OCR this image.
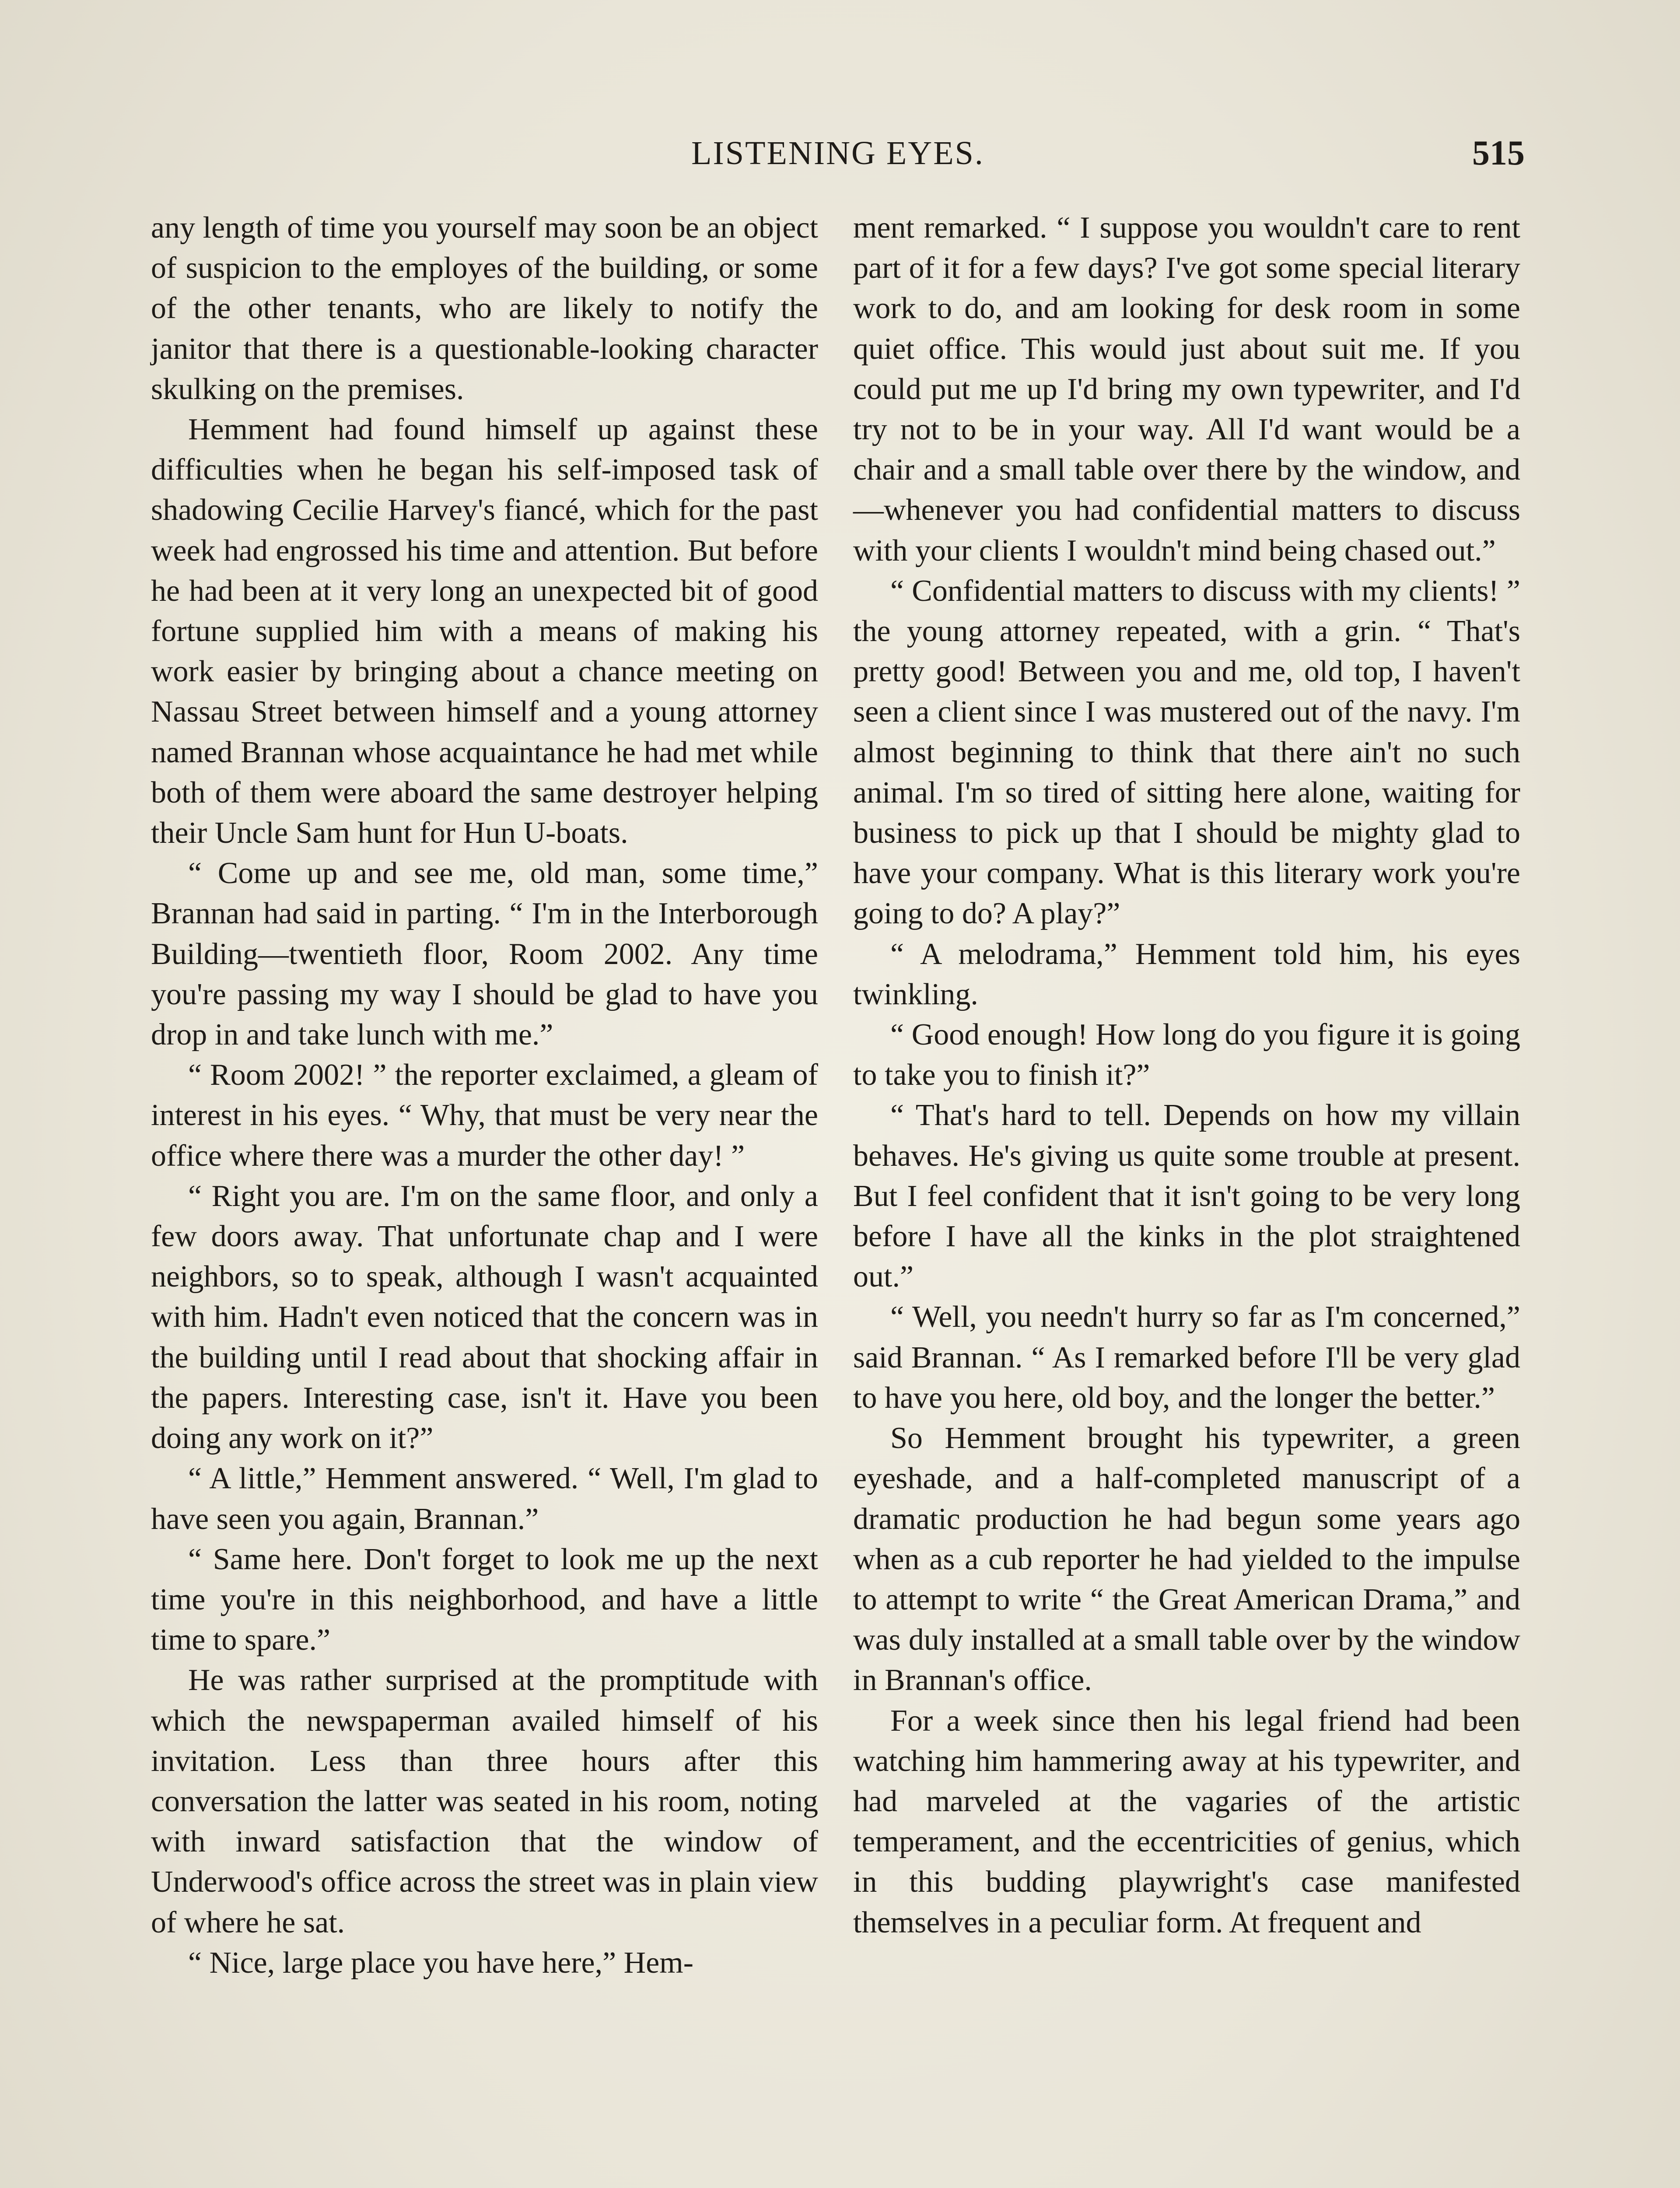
LISTENING EYES.	515

any length of time you yourself may soon be an object of suspicion to the employes of the building, or some of the other tenants, who are likely to notify the janitor that there is a questionable-looking character skulking on the premises.

Hemment had found himself up against these difficulties when he began his self-imposed task of shadowing Cecilie Harvey's fiancé, which for the past week had engrossed his time and attention. But before he had been at it very long an unexpected bit of good fortune supplied him with a means of making his work easier by bringing about a chance meeting on Nassau Street between himself and a young attorney named Brannan whose acquaintance he had met while both of them were aboard the same destroyer helping their Uncle Sam hunt for Hun U-boats.

“ Come up and see me, old man, some time,” Brannan had said in parting. “ I'm in the Interborough Building—twentieth floor, Room 2002. Any time you're passing my way I should be glad to have you drop in and take lunch with me.”

“ Room 2002! ” the reporter exclaimed, a gleam of interest in his eyes. “ Why, that must be very near the office where there was a murder the other day! ”

“ Right you are. I'm on the same floor, and only a few doors away. That unfortunate chap and I were neighbors, so to speak, although I wasn't acquainted with him. Hadn't even noticed that the concern was in the building until I read about that shocking affair in the papers. Interesting case, isn't it. Have you been doing any work on it?”

“ A little,” Hemment answered. “ Well, I'm glad to have seen you again, Brannan.”

“ Same here. Don't forget to look me up the next time you're in this neighborhood, and have a little time to spare.”

He was rather surprised at the promptitude with which the newspaperman availed himself of his invitation. Less than three hours after this conversation the latter was seated in his room, noting with inward satisfaction that the window of Underwood's office across the street was in plain view of where he sat.

“ Nice, large place you have here,” Hem-

ment remarked. “ I suppose you wouldn't care to rent part of it for a few days? I've got some special literary work to do, and am looking for desk room in some quiet office. This would just about suit me. If you could put me up I'd bring my own typewriter, and I'd try not to be in your way. All I'd want would be a chair and a small table over there by the window, and —whenever you had confidential matters to discuss with your clients I wouldn't mind being chased out.”

“ Confidential matters to discuss with my clients! ” the young attorney repeated, with a grin. “ That's pretty good! Between you and me, old top, I haven't seen a client since I was mustered out of the navy. I'm almost beginning to think that there ain't no such animal. I'm so tired of sitting here alone, waiting for business to pick up that I should be mighty glad to have your company. What is this literary work you're going to do? A play?”

“ A melodrama,” Hemment told him, his eyes twinkling.

“ Good enough! How long do you figure it is going to take you to finish it?”

“ That's hard to tell. Depends on how my villain behaves. He's giving us quite some trouble at present. But I feel confident that it isn't going to be very long before I have all the kinks in the plot straightened out.”

“ Well, you needn't hurry so far as I'm concerned,” said Brannan. “ As I remarked before I'll be very glad to have you here, old boy, and the longer the better.”

So Hemment brought his typewriter, a green eyeshade, and a half-completed manuscript of a dramatic production he had begun some years ago when as a cub reporter he had yielded to the impulse to attempt to write “ the Great American Drama,” and was duly installed at a small table over by the window in Brannan's office.

For a week since then his legal friend had been watching him hammering away at his typewriter, and had marveled at the vagaries of the artistic temperament, and the eccentricities of genius, which in this budding playwright's case manifested themselves in a peculiar form. At frequent and
